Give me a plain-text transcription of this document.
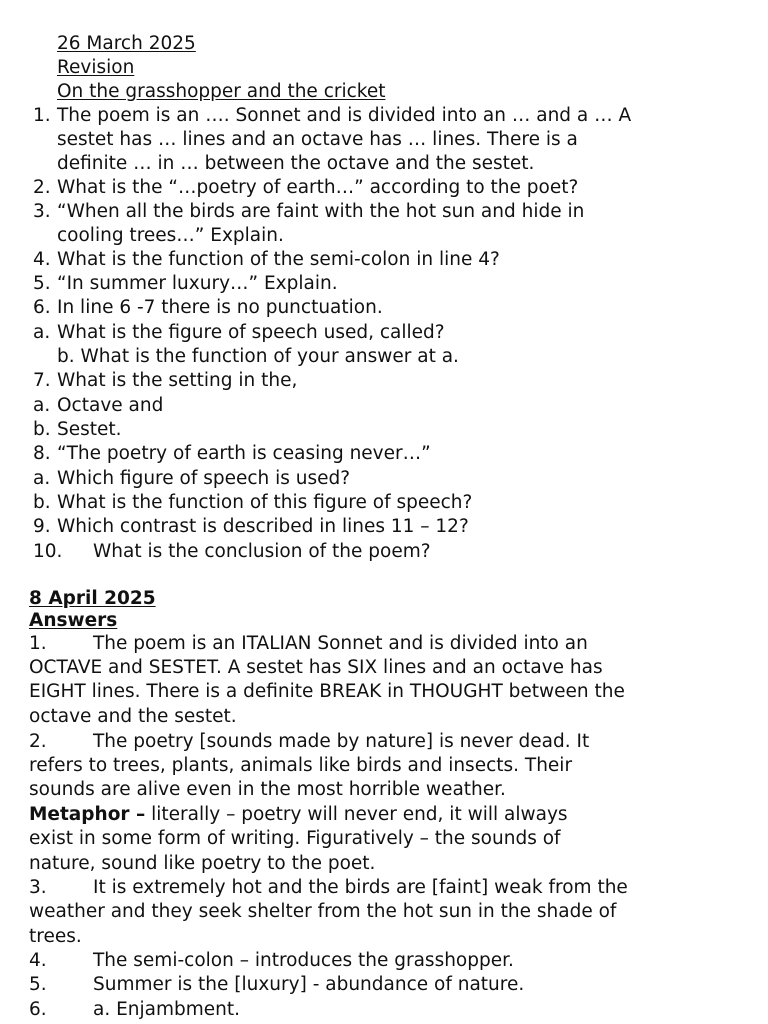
26 March 2025
Revision
On the grasshopper and the cricket
1. The poem is an …. Sonnet and is divided into an … and a … A
sestet has … lines and an octave has … lines. There is a
definite … in … between the octave and the sestet.
2. What is the “…poetry of earth…” according to the poet?
3. “When all the birds are faint with the hot sun and hide in
cooling trees…” Explain.
4. What is the function of the semi-colon in line 4?
5. “In summer luxury…” Explain.
6. In line 6 -7 there is no punctuation.
a. What is the figure of speech used, called?
b. What is the function of your answer at a.
7. What is the setting in the,
a. Octave and
b. Sestet.
8. “The poetry of earth is ceasing never…”
a. Which figure of speech is used?
b. What is the function of this figure of speech?
9. Which contrast is described in lines 11 – 12?
10. What is the conclusion of the poem?
8 April 2025
Answers
1.	The poem is an ITALIAN Sonnet and is divided into an
OCTAVE and SESTET. A sestet has SIX lines and an octave has
EIGHT lines. There is a definite BREAK in THOUGHT between the
octave and the sestet.
2.	The poetry [sounds made by nature] is never dead. It
refers to trees, plants, animals like birds and insects. Their
sounds are alive even in the most horrible weather.
Metaphor – literally – poetry will never end, it will always
exist in some form of writing. Figuratively – the sounds of
nature, sound like poetry to the poet.
3.	It is extremely hot and the birds are [faint] weak from the
weather and they seek shelter from the hot sun in the shade of
trees.
4.	The semi-colon – introduces the grasshopper.
5.	Summer is the [luxury] - abundance of nature.
6.	a. Enjambment.
